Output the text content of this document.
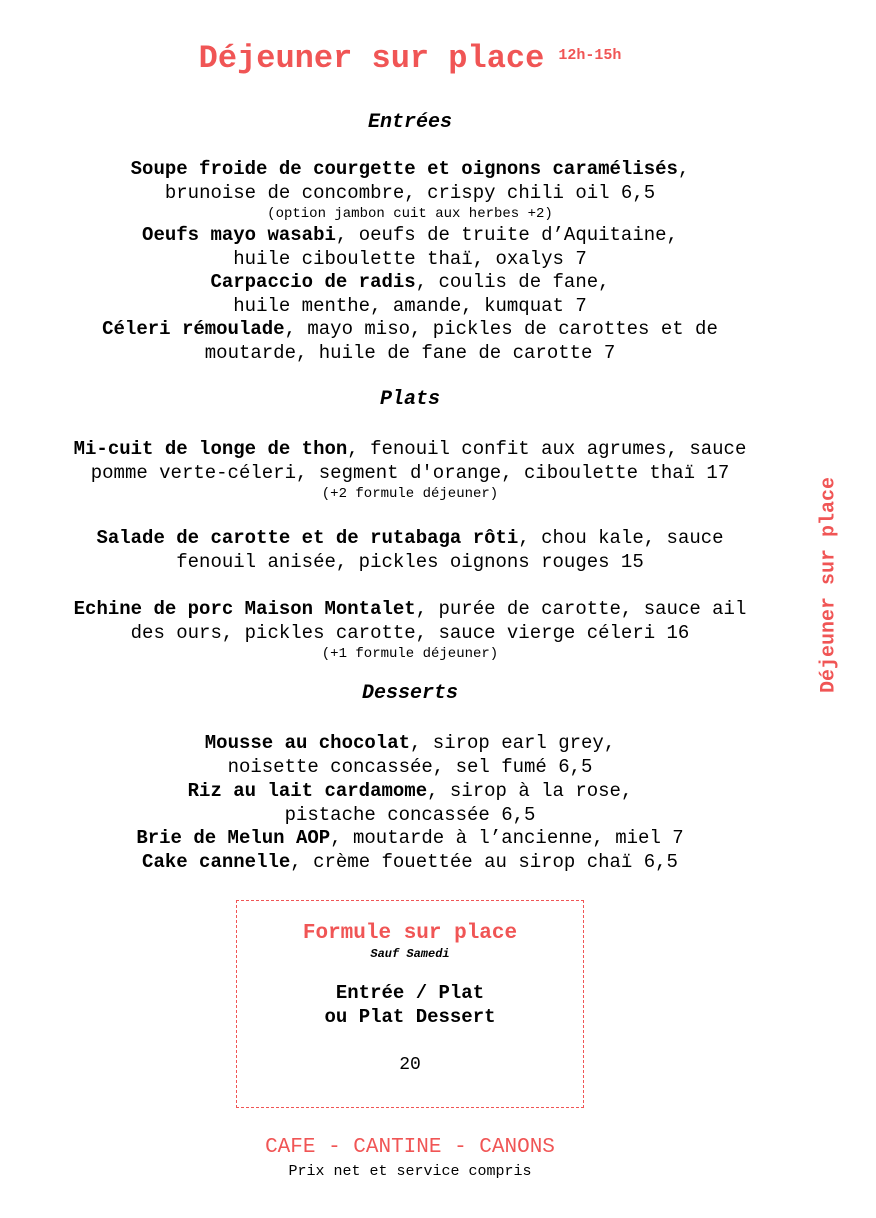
Déjeuner sur place 12h-15h
Entrées
Soupe froide de courgette et oignons caramélisés,
brunoise de concombre, crispy chili oil 6,5
(option jambon cuit aux herbes +2)
Oeufs mayo wasabi, oeufs de truite d’Aquitaine,
huile ciboulette thaï, oxalys 7
Carpaccio de radis, coulis de fane,
huile menthe, amande, kumquat 7
Céleri rémoulade, mayo miso, pickles de carottes et de
moutarde, huile de fane de carotte 7
Plats
Mi-cuit de longe de thon, fenouil confit aux agrumes, sauce
pomme verte-céleri, segment d'orange, ciboulette thaï 17
(+2 formule déjeuner)
Salade de carotte et de rutabaga rôti, chou kale, sauce
fenouil anisée, pickles oignons rouges 15
Echine de porc Maison Montalet, purée de carotte, sauce ail
des ours, pickles carotte, sauce vierge céleri 16
(+1 formule déjeuner)
Desserts
Mousse au chocolat, sirop earl grey,
noisette concassée, sel fumé 6,5
Riz au lait cardamome, sirop à la rose,
pistache concassée 6,5
Brie de Melun AOP, moutarde à l’ancienne, miel 7
Cake cannelle, crème fouettée au sirop chaï 6,5
Déjeuner sur place
Formule sur place
Sauf Samedi
Entrée / Plat
ou Plat Dessert
20
CAFE - CANTINE - CANONS
Prix net et service compris
